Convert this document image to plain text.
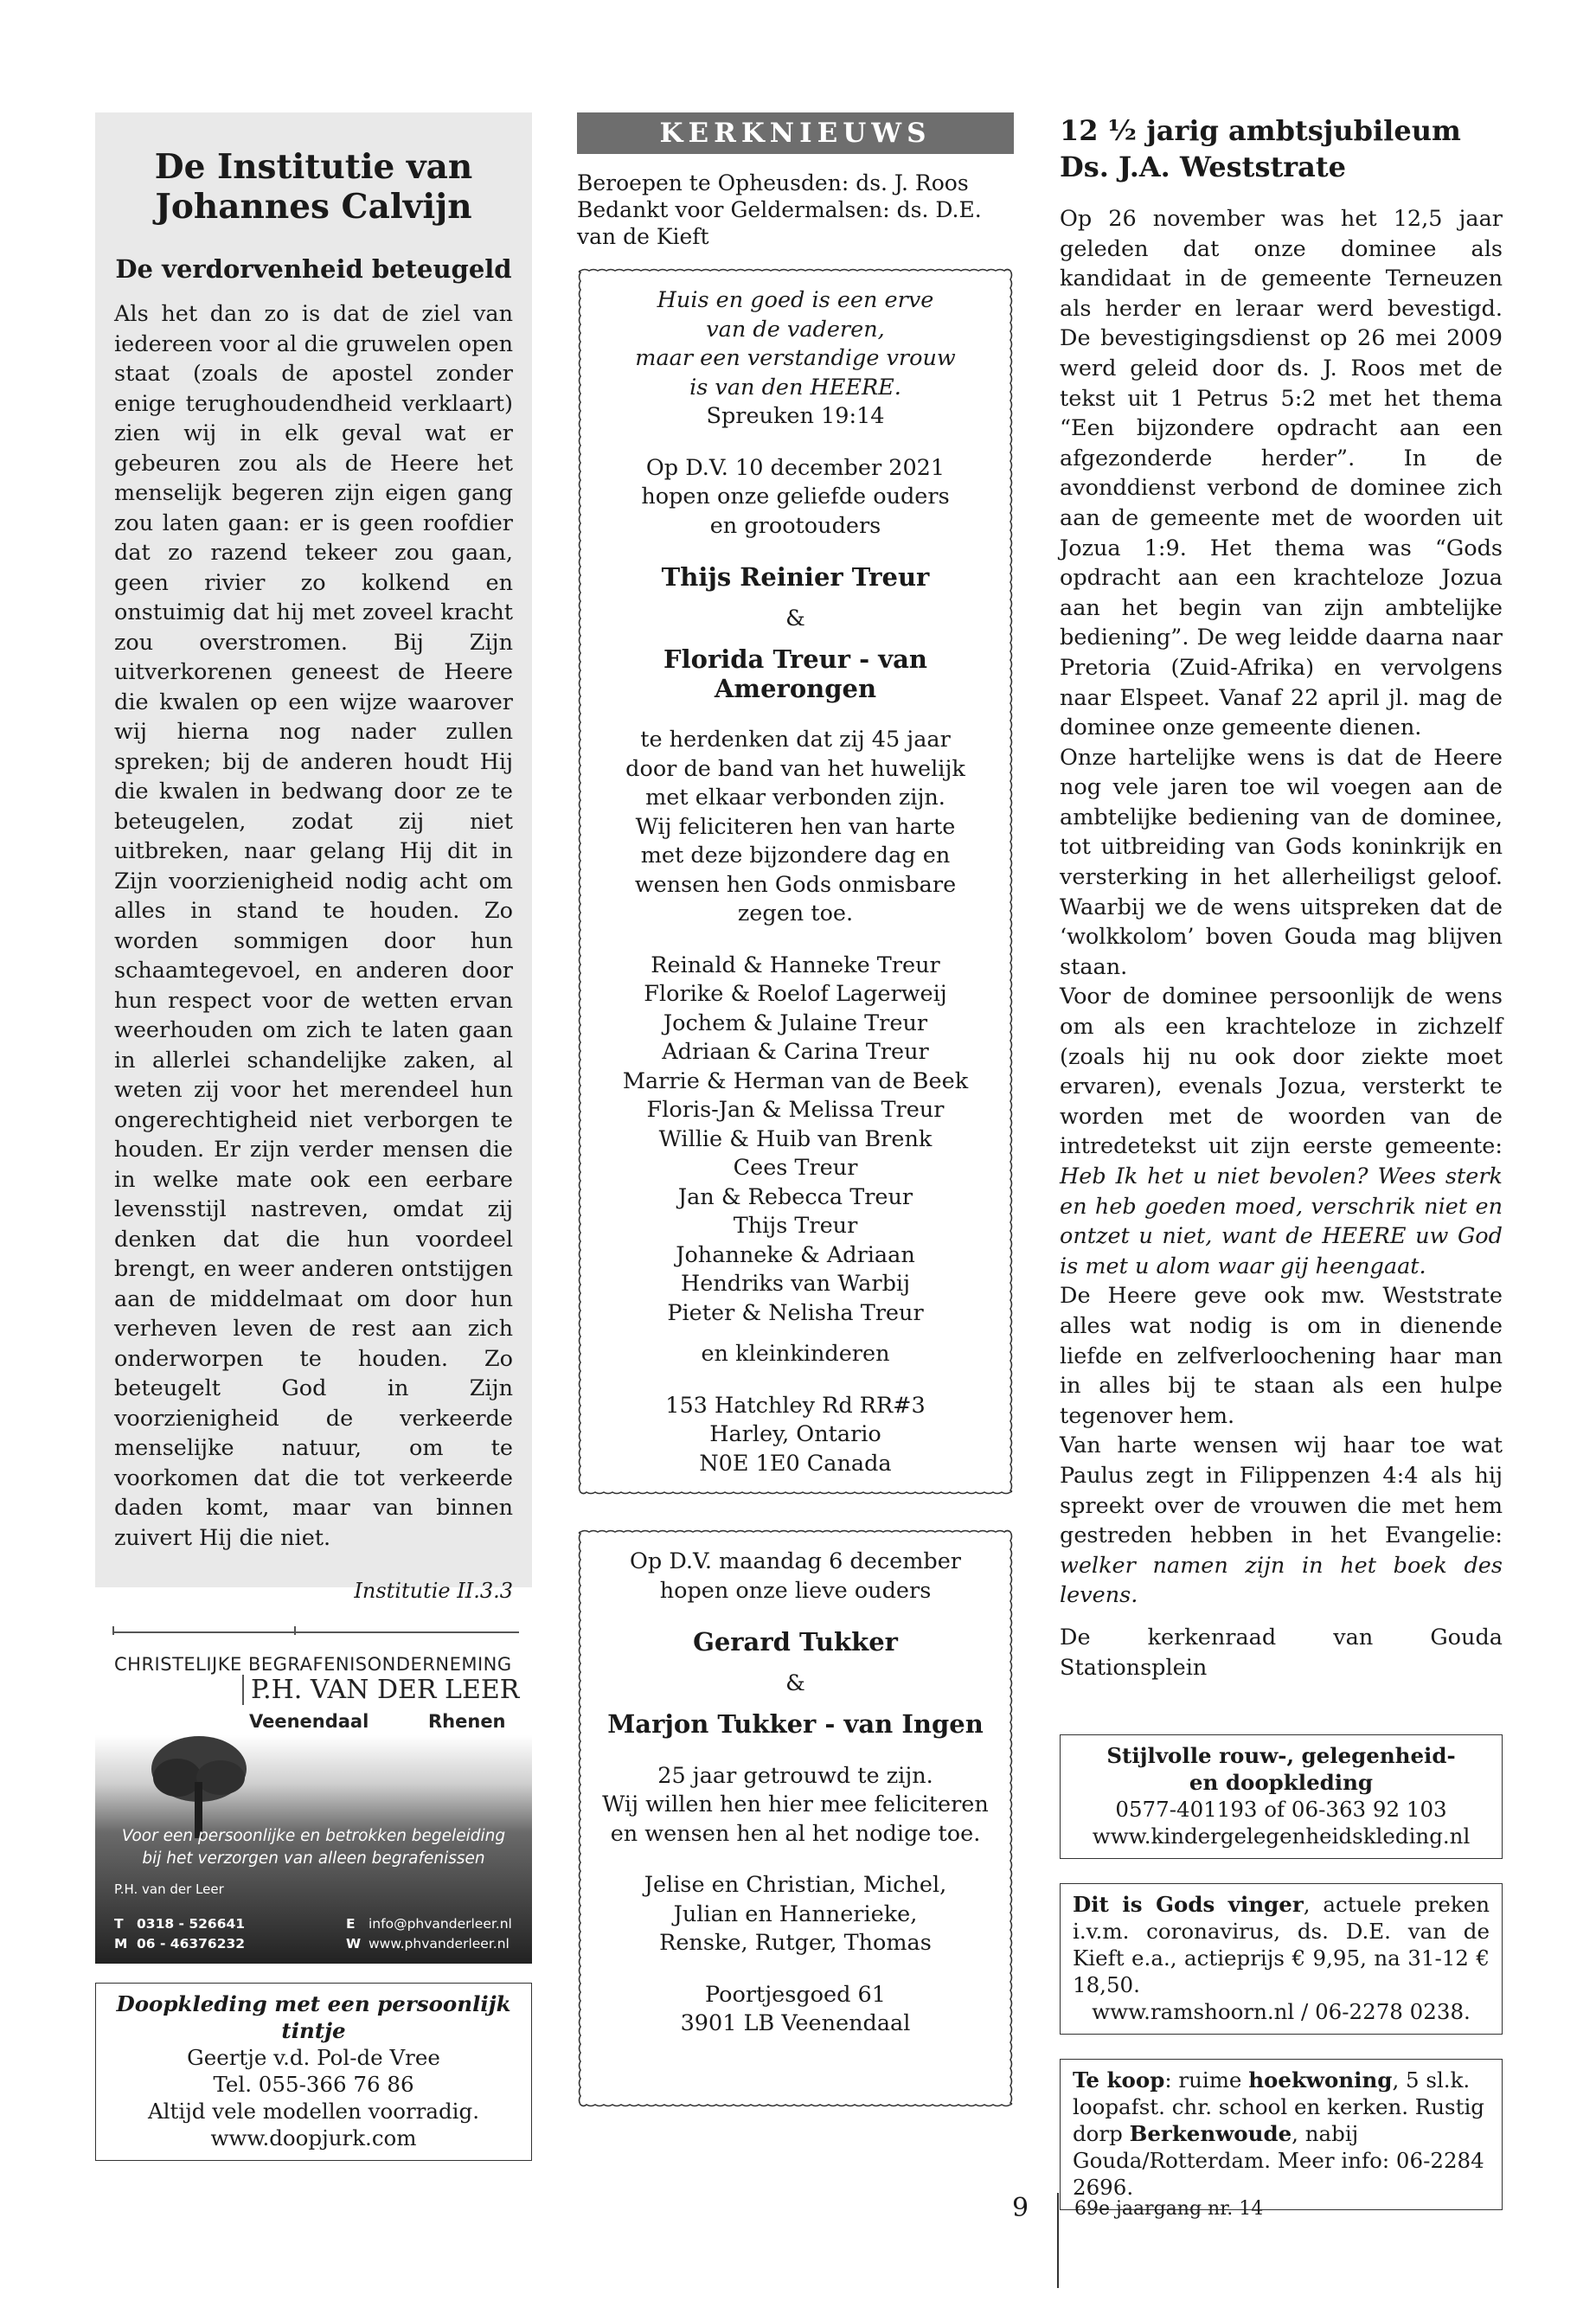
De Institutie van Johannes Calvijn
De verdorvenheid beteugeld

Als het dan zo is dat de ziel van iedereen voor al die gruwelen open staat (zoals de apostel zonder enige terughoudendheid verklaart) zien wij in elk geval wat er gebeuren zou als de Heere het menselijk begeren zijn eigen gang zou laten gaan: er is geen roofdier dat zo razend tekeer zou gaan, geen rivier zo kolkend en onstuimig dat hij met zoveel kracht zou overstromen. Bij Zijn uitverkorenen geneest de Heere die kwalen op een wijze waarover wij hierna nog nader zullen spreken; bij de anderen houdt Hij die kwalen in bedwang door ze te beteugelen, zodat zij niet uitbreken, naar gelang Hij dit in Zijn voorzienigheid nodig acht om alles in stand te houden. Zo worden sommigen door hun schaamtegevoel, en anderen door hun respect voor de wetten ervan weerhouden om zich te laten gaan in allerlei schandelijke zaken, al weten zij voor het merendeel hun ongerechtigheid niet verborgen te houden. Er zijn verder mensen die in welke mate ook een eerbare levensstijl nastreven, omdat zij denken dat die hun voordeel brengt, en weer anderen ontstijgen aan de middelmaat om door hun verheven leven de rest aan zich onderworpen te houden. Zo beteugelt God in Zijn voorzienigheid de verkeerde menselijke natuur, om te voorkomen dat die tot verkeerde daden komt, maar van binnen zuivert Hij die niet.

Institutie II.3.3

CHRISTELIJKE BEGRAFENISONDERNEMING
P.H. VAN DER LEER
Veenendaal	Rhenen
Voor een persoonlijke en betrokken begeleiding
bij het verzorgen van alleen begrafenissen
P.H. van der Leer
T 0318 - 526641
M 06 - 46376232
E info@phvanderleer.nl
W www.phvanderleer.nl
Doopkleding met een persoonlijk tintje
Geertje v.d. Pol-de Vree
Tel. 055-366 76 86
Altijd vele modellen voorradig.
www.doopjurk.com
KERKNIEUWS
Beroepen te Opheusden: ds. J. Roos
Bedankt voor Geldermalsen: ds. D.E. van de Kieft
Huis en goed is een erve
van de vaderen,
maar een verstandige vrouw
is van den HEERE.
Spreuken 19:14
Op D.V. 10 december 2021
hopen onze geliefde ouders
en grootouders
Thijs Reinier Treur
&
Florida Treur - van Amerongen
te herdenken dat zij 45 jaar
door de band van het huwelijk
met elkaar verbonden zijn.
Wij feliciteren hen van harte
met deze bijzondere dag en
wensen hen Gods onmisbare
zegen toe.
Reinald & Hanneke Treur
Florike & Roelof Lagerweij
Jochem & Julaine Treur
Adriaan & Carina Treur
Marrie & Herman van de Beek
Floris-Jan & Melissa Treur
Willie & Huib van Brenk
Cees Treur
Jan & Rebecca Treur
Thijs Treur
Johanneke & Adriaan
Hendriks van Warbij
Pieter & Nelisha Treur
en kleinkinderen
153 Hatchley Rd RR#3
Harley, Ontario
N0E 1E0 Canada
Op D.V. maandag 6 december
hopen onze lieve ouders
Gerard Tukker
&
Marjon Tukker - van Ingen
25 jaar getrouwd te zijn.
Wij willen hen hier mee feliciteren
en wensen hen al het nodige toe.
Jelise en Christian, Michel,
Julian en Hannerieke,
Renske, Rutger, Thomas
Poortjesgoed 61
3901 LB Veenendaal
12 ½ jarig ambtsjubileum
Ds. J.A. Weststrate
Op 26 november was het 12,5 jaar geleden dat onze dominee als kandidaat in de gemeente Terneuzen als herder en leraar werd bevestigd. De bevestigingsdienst op 26 mei 2009 werd geleid door ds. J. Roos met de tekst uit 1 Petrus 5:2 met het thema “Een bijzondere opdracht aan een afgezonderde herder”. In de avonddienst verbond de dominee zich aan de gemeente met de woorden uit Jozua 1:9. Het thema was “Gods opdracht aan een krachteloze Jozua aan het begin van zijn ambtelijke bediening”. De weg leidde daarna naar Pretoria (Zuid-Afrika) en vervolgens naar Elspeet. Vanaf 22 april jl. mag de dominee onze gemeente dienen.
Onze hartelijke wens is dat de Heere nog vele jaren toe wil voegen aan de ambtelijke bediening van de dominee, tot uitbreiding van Gods koninkrijk en versterking in het allerheiligst geloof. Waarbij we de wens uitspreken dat de ‘wolkkolom’ boven Gouda mag blijven staan.
Voor de dominee persoonlijk de wens om als een krachteloze in zichzelf (zoals hij nu ook door ziekte moet ervaren), evenals Jozua, versterkt te worden met de woorden van de intredetekst uit zijn eerste gemeente: Heb Ik het u niet bevolen? Wees sterk en heb goeden moed, verschrik niet en ontzet u niet, want de HEERE uw God is met u alom waar gij heengaat.
De Heere geve ook mw. Weststrate alles wat nodig is om in dienende liefde en zelfverloochening haar man in alles bij te staan als een hulpe tegenover hem.
Van harte wensen wij haar toe wat Paulus zegt in Filippenzen 4:4 als hij spreekt over de vrouwen die met hem gestreden hebben in het Evangelie: welker namen zijn in het boek des levens.
De kerkenraad van Gouda Stationsplein
Stijlvolle rouw-, gelegenheid-
en doopkleding
0577-401193 of 06-363 92 103
www.kindergelegenheidskleding.nl
Dit is Gods vinger, actuele preken i.v.m. coronavirus, ds. D.E. van de Kieft e.a., actieprijs € 9,95, na 31-12 € 18,50.
www.ramshoorn.nl / 06-2278 0238.
Te koop: ruime hoekwoning, 5 sl.k. loopafst. chr. school en kerken. Rustig dorp Berkenwoude, nabij Gouda/Rotterdam. Meer info: 06-2284 2696.
9 69e jaargang nr. 14
